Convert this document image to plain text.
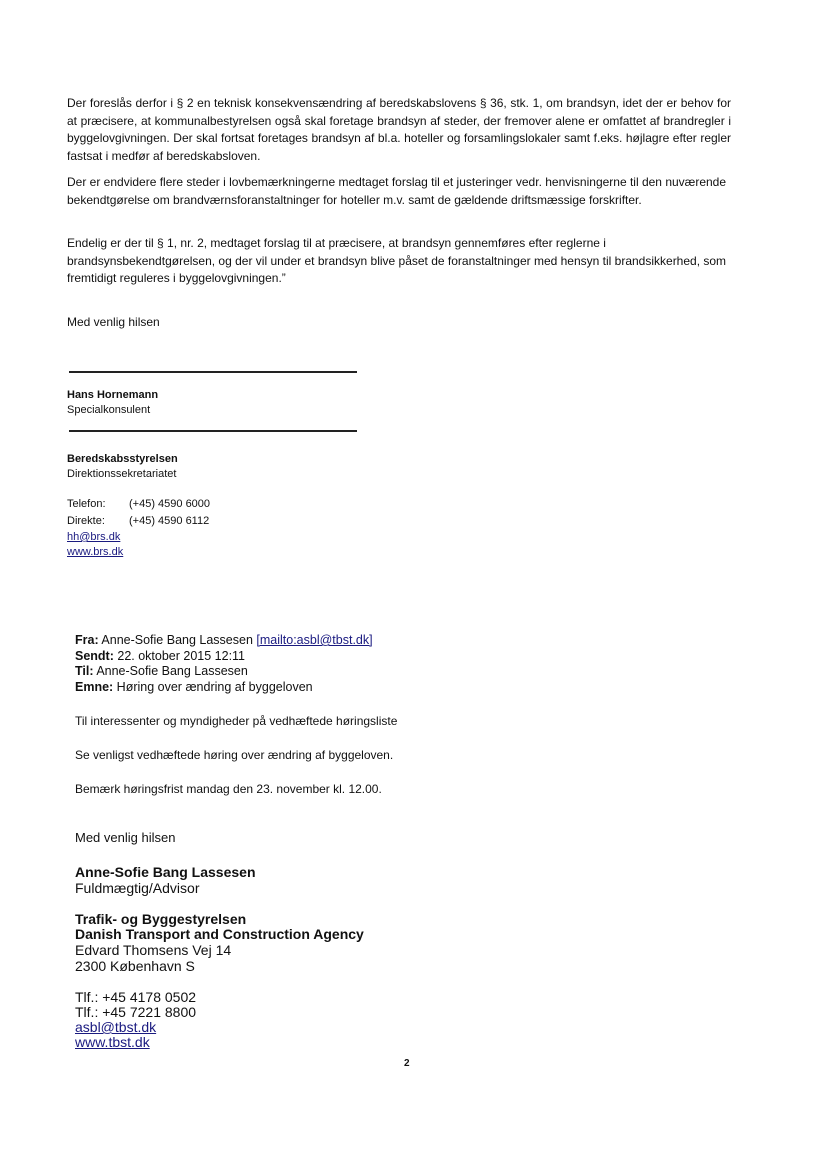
Der foreslås derfor i § 2 en teknisk konsekvensændring af beredskabslovens § 36, stk. 1, om brandsyn, idet der er behov for at præcisere, at kommunalbestyrelsen også skal foretage brandsyn af steder, der fremover alene er omfattet af brandregler i byggelovgivningen. Der skal fortsat foretages brandsyn af bl.a. hoteller og forsamlingslokaler samt f.eks. højlagre efter regler fastsat i medfør af beredskabsloven.
Der er endvidere flere steder i lovbemærkningerne medtaget forslag til et justeringer vedr. henvisningerne til den nuværende bekendtgørelse om brandværnsforanstaltninger for hoteller m.v. samt de gældende driftsmæssige forskrifter.
Endelig er der til § 1, nr. 2, medtaget forslag til at præcisere, at brandsyn gennemføres efter reglerne i brandsynsbekendtgørelsen, og der vil under et brandsyn blive påset de foranstaltninger med hensyn til brandsikkerhed, som fremtidigt reguleres i byggelovgivningen.”
Med venlig hilsen
Hans Hornemann
Specialkonsulent
Beredskabsstyrelsen
Direktionssekretariatet
Telefon: (+45) 4590 6000
Direkte: (+45) 4590 6112
hh@brs.dk
www.brs.dk
Fra: Anne-Sofie Bang Lassesen [mailto:asbl@tbst.dk]
Sendt: 22. oktober 2015 12:11
Til: Anne-Sofie Bang Lassesen
Emne: Høring over ændring af byggeloven
Til interessenter og myndigheder på vedhæftede høringsliste
Se venligst vedhæftede høring over ændring af byggeloven.
Bemærk høringsfrist mandag den 23. november kl. 12.00.
Med venlig hilsen
Anne-Sofie Bang Lassesen
Fuldmægtig/Advisor
Trafik- og Byggestyrelsen
Danish Transport and Construction Agency
Edvard Thomsens Vej 14
2300 København S
Tlf.: +45 4178 0502
Tlf.: +45 7221 8800
asbl@tbst.dk
www.tbst.dk
2
